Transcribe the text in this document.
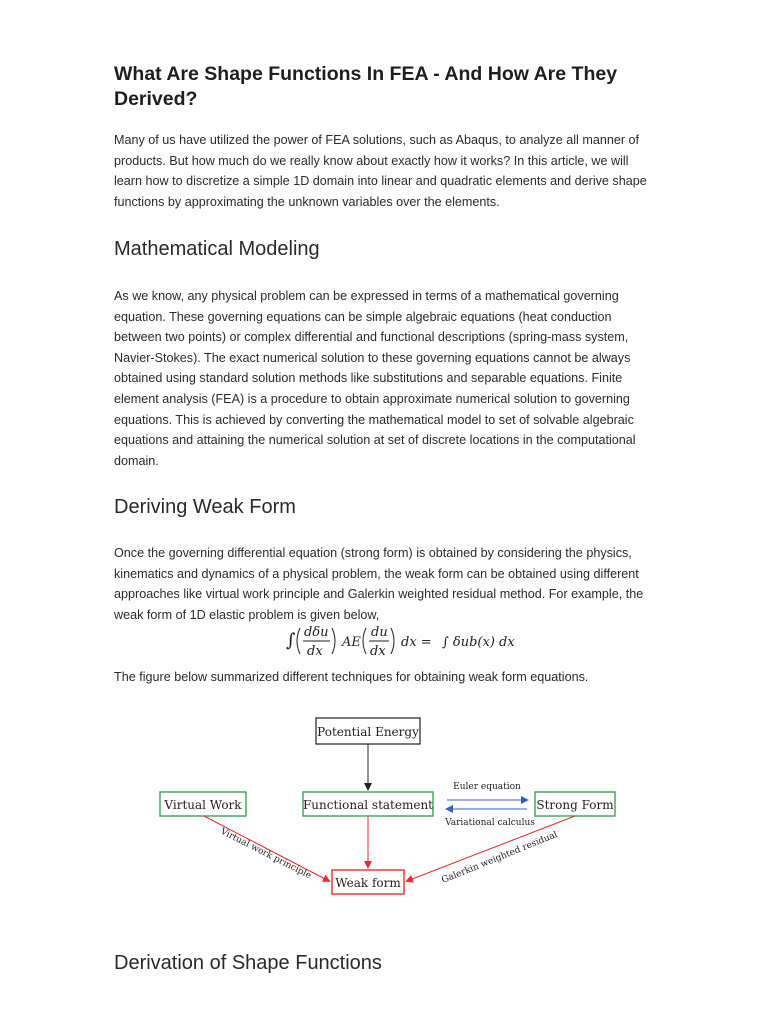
What Are Shape Functions In FEA - And How Are They Derived?

Many of us have utilized the power of FEA solutions, such as Abaqus, to analyze all manner of products. But how much do we really know about exactly how it works? In this article, we will learn how to discretize a simple 1D domain into linear and quadratic elements and derive shape functions by approximating the unknown variables over the elements.

Mathematical Modeling

As we know, any physical problem can be expressed in terms of a mathematical governing equation. These governing equations can be simple algebraic equations (heat conduction between two points) or complex differential and functional descriptions (spring-mass system, Navier-Stokes). The exact numerical solution to these governing equations cannot be always obtained using standard solution methods like substitutions and separable equations. Finite element analysis (FEA) is a procedure to obtain approximate numerical solution to governing equations. This is achieved by converting the mathematical model to set of solvable algebraic equations and attaining the numerical solution at set of discrete locations in the computational domain.

Deriving Weak Form

Once the governing differential equation (strong form) is obtained by considering the physics, kinematics and dynamics of a physical problem, the weak form can be obtained using different approaches like virtual work principle and Galerkin weighted residual method. For example, the weak form of 1D elastic problem is given below,

The figure below summarized different techniques for obtaining weak form equations.

Derivation of Shape Functions
∫ dδu
dx
AE
du
dx
dx = ∫ δub(x) dx
Potential Energy
Virtual Work	Functional statement	Strong Form
Euler equation
Variational calculus
Weak form
Virtual work principle	Galerkin weighted residual
